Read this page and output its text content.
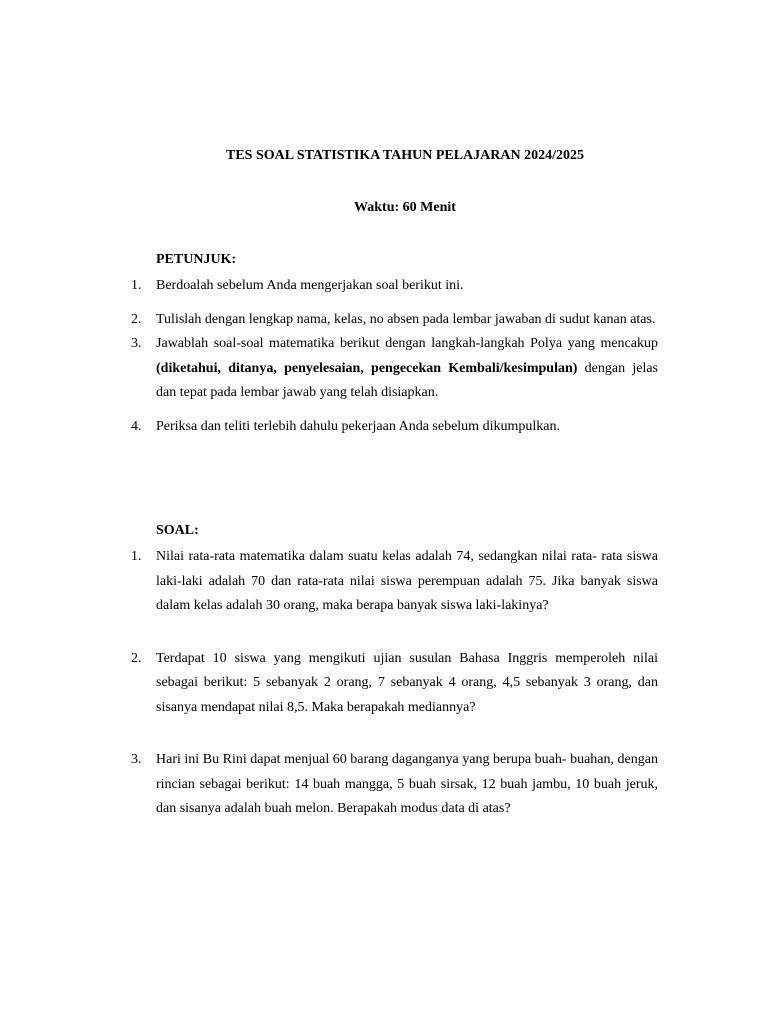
TES SOAL STATISTIKA TAHUN PELAJARAN 2024/2025
Waktu: 60 Menit
PETUNJUK:
1. Berdoalah sebelum Anda mengerjakan soal berikut ini.
2. Tulislah dengan lengkap nama, kelas, no absen pada lembar jawaban di sudut kanan atas.
3. Jawablah soal-soal matematika berikut dengan langkah-langkah Polya yang mencakup (diketahui, ditanya, penyelesaian, pengecekan Kembali/kesimpulan) dengan jelas dan tepat pada lembar jawab yang telah disiapkan.
4. Periksa dan teliti terlebih dahulu pekerjaan Anda sebelum dikumpulkan.
SOAL:
1. Nilai rata-rata matematika dalam suatu kelas adalah 74, sedangkan nilai rata- rata siswa laki-laki adalah 70 dan rata-rata nilai siswa perempuan adalah 75. Jika banyak siswa dalam kelas adalah 30 orang, maka berapa banyak siswa laki-lakinya?
2. Terdapat 10 siswa yang mengikuti ujian susulan Bahasa Inggris memperoleh nilai sebagai berikut: 5 sebanyak 2 orang, 7 sebanyak 4 orang, 4,5 sebanyak 3 orang, dan sisanya mendapat nilai 8,5. Maka berapakah mediannya?
3. Hari ini Bu Rini dapat menjual 60 barang daganganya yang berupa buah- buahan, dengan rincian sebagai berikut: 14 buah mangga, 5 buah sirsak, 12 buah jambu, 10 buah jeruk, dan sisanya adalah buah melon. Berapakah modus data di atas?
